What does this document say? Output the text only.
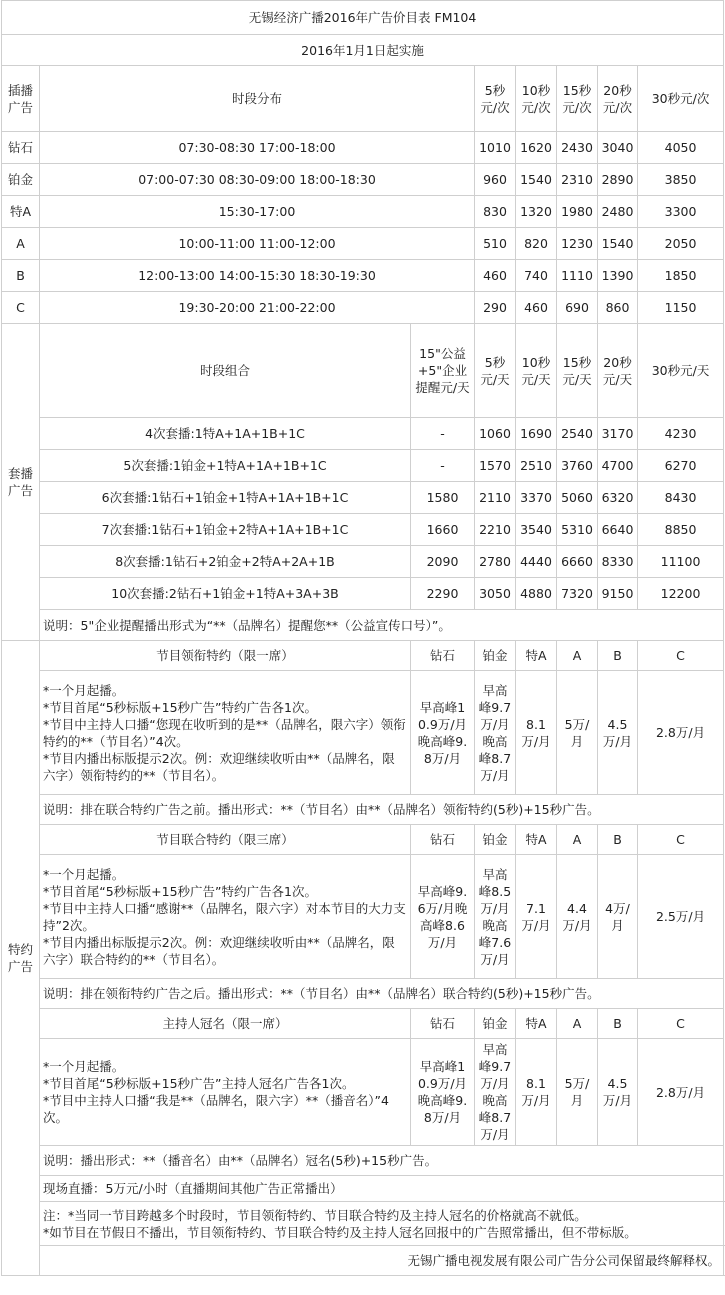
无锡经济广播2016年广告价目表 FM104							
2016年1月1日起实施							
插播广告	时段分布		5秒元/次	10秒元/次	15秒元/次	20秒元/次	30秒元/次
钻石	07:30-08:30 17:00-18:00		1010	1620	2430	3040	4050
铂金	07:00-07:30 08:30-09:00 18:00-18:30		960	1540	2310	2890	3850
特A	15:30-17:00		830	1320	1980	2480	3300
A	10:00-11:00 11:00-12:00		510	820	1230	1540	2050
B	12:00-13:00 14:00-15:30 18:30-19:30		460	740	1110	1390	1850
C	19:30-20:00 21:00-22:00		290	460	690	860	1150
套播广告	时段组合	15"公益+5"企业提醒元/天	5秒元/天	10秒元/天	15秒元/天	20秒元/天	30秒元/天
	4次套播:1特A+1A+1B+1C	-	1060	1690	2540	3170	4230
	5次套播:1铂金+1特A+1A+1B+1C	-	1570	2510	3760	4700	6270
	6次套播:1钻石+1铂金+1特A+1A+1B+1C	1580	2110	3370	5060	6320	8430
	7次套播:1钻石+1铂金+2特A+1A+1B+1C	1660	2210	3540	5310	6640	8850
	8次套播:1钻石+2铂金+2特A+2A+1B	2090	2780	4440	6660	8330	11100
	10次套播:2钻石+1铂金+1特A+3A+3B	2290	3050	4880	7320	9150	12200
	说明：5"企业提醒播出形式为“**（品牌名）提醒您**（公益宣传口号）”。						
特约广告	节目领衔特约（限一席）	钻石	铂金	特A	A	B	C

	*一个月起播。
*节目首尾“5秒标版+15秒广告”特约广告各1次。
*节目中主持人口播“您现在收听到的是**（品牌名，限六字）领衔特约的**（节目名）”4次。
*节目内播出标版提示2次。例：欢迎继续收听由**（品牌名，限六字）领衔特约的**（节目名）。	早高峰10.9万/月晚高峰9.8万/月	早高峰9.7万/月晚高峰8.7万/月	8.1万/月	5万/月	4.5万/月	2.8万/月
	说明：排在联合特约广告之前。播出形式：**（节目名）由**（品牌名）领衔特约(5秒)+15秒广告。						
	节目联合特约（限三席）	钻石	铂金	特A	A	B	C

	*一个月起播。
*节目首尾“5秒标版+15秒广告”特约广告各1次。
*节目中主持人口播“感谢**（品牌名，限六字）对本节目的大力支持”2次。
*节目内播出标版提示2次。例：欢迎继续收听由**（品牌名，限六字）联合特约的**（节目名）。	早高峰9.6万/月晚高峰8.6万/月	早高峰8.5万/月晚高峰7.6万/月	7.1万/月	4.4万/月	4万/月	2.5万/月
	说明：排在领衔特约广告之后。播出形式：**（节目名）由**（品牌名）联合特约(5秒)+15秒广告。						
	主持人冠名（限一席）	钻石	铂金	特A	A	B	C

	*一个月起播。
*节目首尾“5秒标版+15秒广告”主持人冠名广告各1次。
*节目中主持人口播“我是**（品牌名，限六字）**（播音名）”4次。	早高峰10.9万/月晚高峰9.8万/月	早高峰9.7万/月晚高峰8.7万/月	8.1万/月	5万/月	4.5万/月	2.8万/月
	说明：播出形式：**（播音名）由**（品牌名）冠名(5秒)+15秒广告。						
	现场直播：5万元/小时（直播期间其他广告正常播出）						

	注：*当同一节目跨越多个时段时，节目领衔特约、节目联合特约及主持人冠名的价格就高不就低。
*如节目在节假日不播出，节目领衔特约、节目联合特约及主持人冠名回报中的广告照常播出，但不带标版。						

	无锡广播电视发展有限公司广告分公司保留最终解释权。						
